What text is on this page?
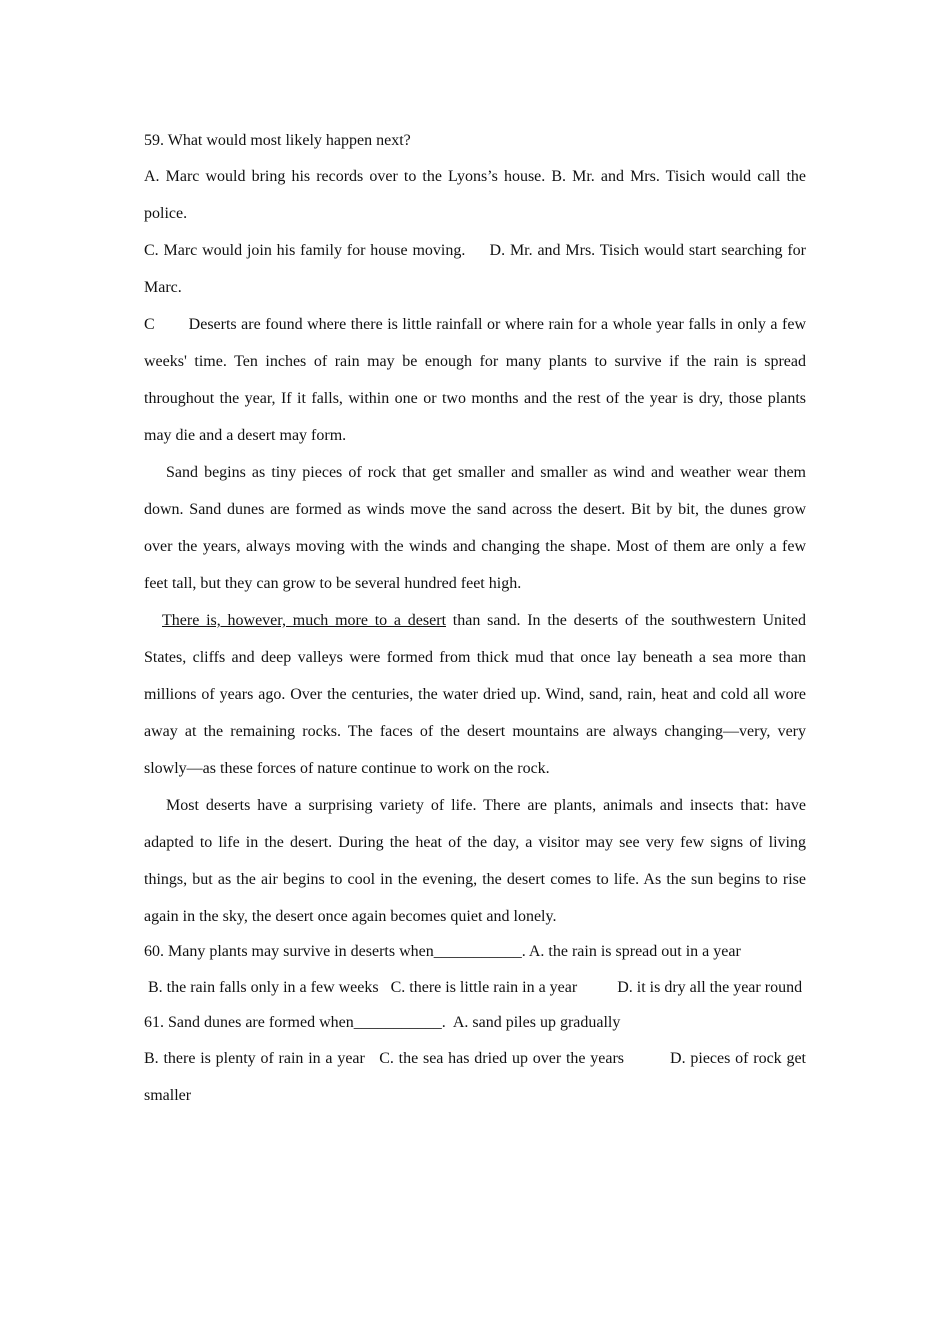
59. What would most likely happen next?

A. Marc would bring his records over to the Lyons’s house. B. Mr. and Mrs. Tisich would call the police.

C. Marc would join his family for house moving. D. Mr. and Mrs. Tisich would start searching for Marc.

C Deserts are found where there is little rainfall or where rain for a whole year falls in only a few weeks' time. Ten inches of rain may be enough for many plants to survive if the rain is spread throughout the year, If it falls, within one or two months and the rest of the year is dry, those plants may die and a desert may form.

Sand begins as tiny pieces of rock that get smaller and smaller as wind and weather wear them down. Sand dunes are formed as winds move the sand across the desert. Bit by bit, the dunes grow over the years, always moving with the winds and changing the shape. Most of them are only a few feet tall, but they can grow to be several hundred feet high.

There is, however, much more to a desert than sand. In the deserts of the southwestern United States, cliffs and deep valleys were formed from thick mud that once lay beneath a sea more than millions of years ago. Over the centuries, the water dried up. Wind, sand, rain, heat and cold all wore away at the remaining rocks. The faces of the desert mountains are always changing—very, very slowly—as these forces of nature continue to work on the rock.

Most deserts have a surprising variety of life. There are plants, animals and insects that: have adapted to life in the desert. During the heat of the day, a visitor may see very few signs of living things, but as the air begins to cool in the evening, the desert comes to life. As the sun begins to rise again in the sky, the desert once again becomes quiet and lonely.

60. Many plants may survive in deserts when___________. A. the rain is spread out in a year

B. the rain falls only in a few weeks C. there is little rain in a year	D. it is dry all the year round

61. Sand dunes are formed when___________. A. sand piles up gradually

B. there is plenty of rain in a year C. the sea has dried up over the years	D. pieces of rock get smaller
